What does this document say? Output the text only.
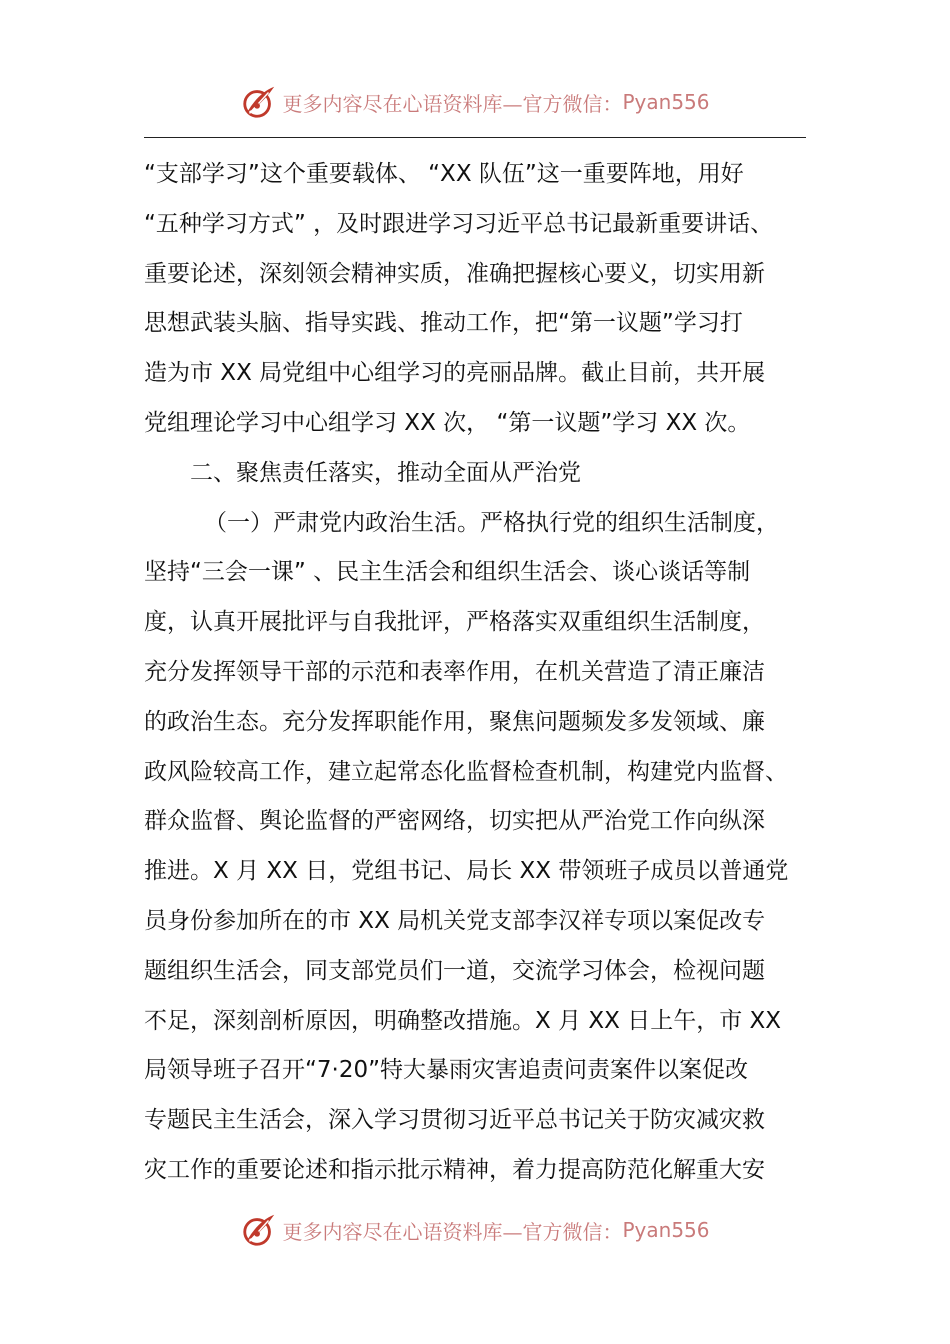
更多内容尽在心语资料库—官方微信： Pyan556
“支部学习”这个重要载体、 “XX 队伍”这一重要阵地，用好
“五种学习方式” ，及时跟进学习习近平总书记最新重要讲话、
重要论述，深刻领会精神实质，准确把握核心要义，切实用新
思想武装头脑、指导实践、推动工作，把“第一议题”学习打
造为市 XX 局党组中心组学习的亮丽品牌。截止目前，共开展
党组理论学习中心组学习 XX 次， “第一议题”学习 XX 次。
二、聚焦责任落实，推动全面从严治党
（一）严肃党内政治生活。严格执行党的组织生活制度，
坚持“三会一课” 、民主生活会和组织生活会、谈心谈话等制
度，认真开展批评与自我批评，严格落实双重组织生活制度，
充分发挥领导干部的示范和表率作用，在机关营造了清正廉洁
的政治生态。充分发挥职能作用，聚焦问题频发多发领域、廉
政风险较高工作，建立起常态化监督检查机制，构建党内监督、
群众监督、舆论监督的严密网络，切实把从严治党工作向纵深
推进。X 月 XX 日，党组书记、局长 XX 带领班子成员以普通党
员身份参加所在的市 XX 局机关党支部李汉祥专项以案促改专
题组织生活会，同支部党员们一道，交流学习体会，检视问题
不足，深刻剖析原因，明确整改措施。X 月 XX 日上午，市 XX
局领导班子召开“7·20”特大暴雨灾害追责问责案件以案促改
专题民主生活会，深入学习贯彻习近平总书记关于防灾减灾救
灾工作的重要论述和指示批示精神，着力提高防范化解重大安
更多内容尽在心语资料库—官方微信： Pyan556
